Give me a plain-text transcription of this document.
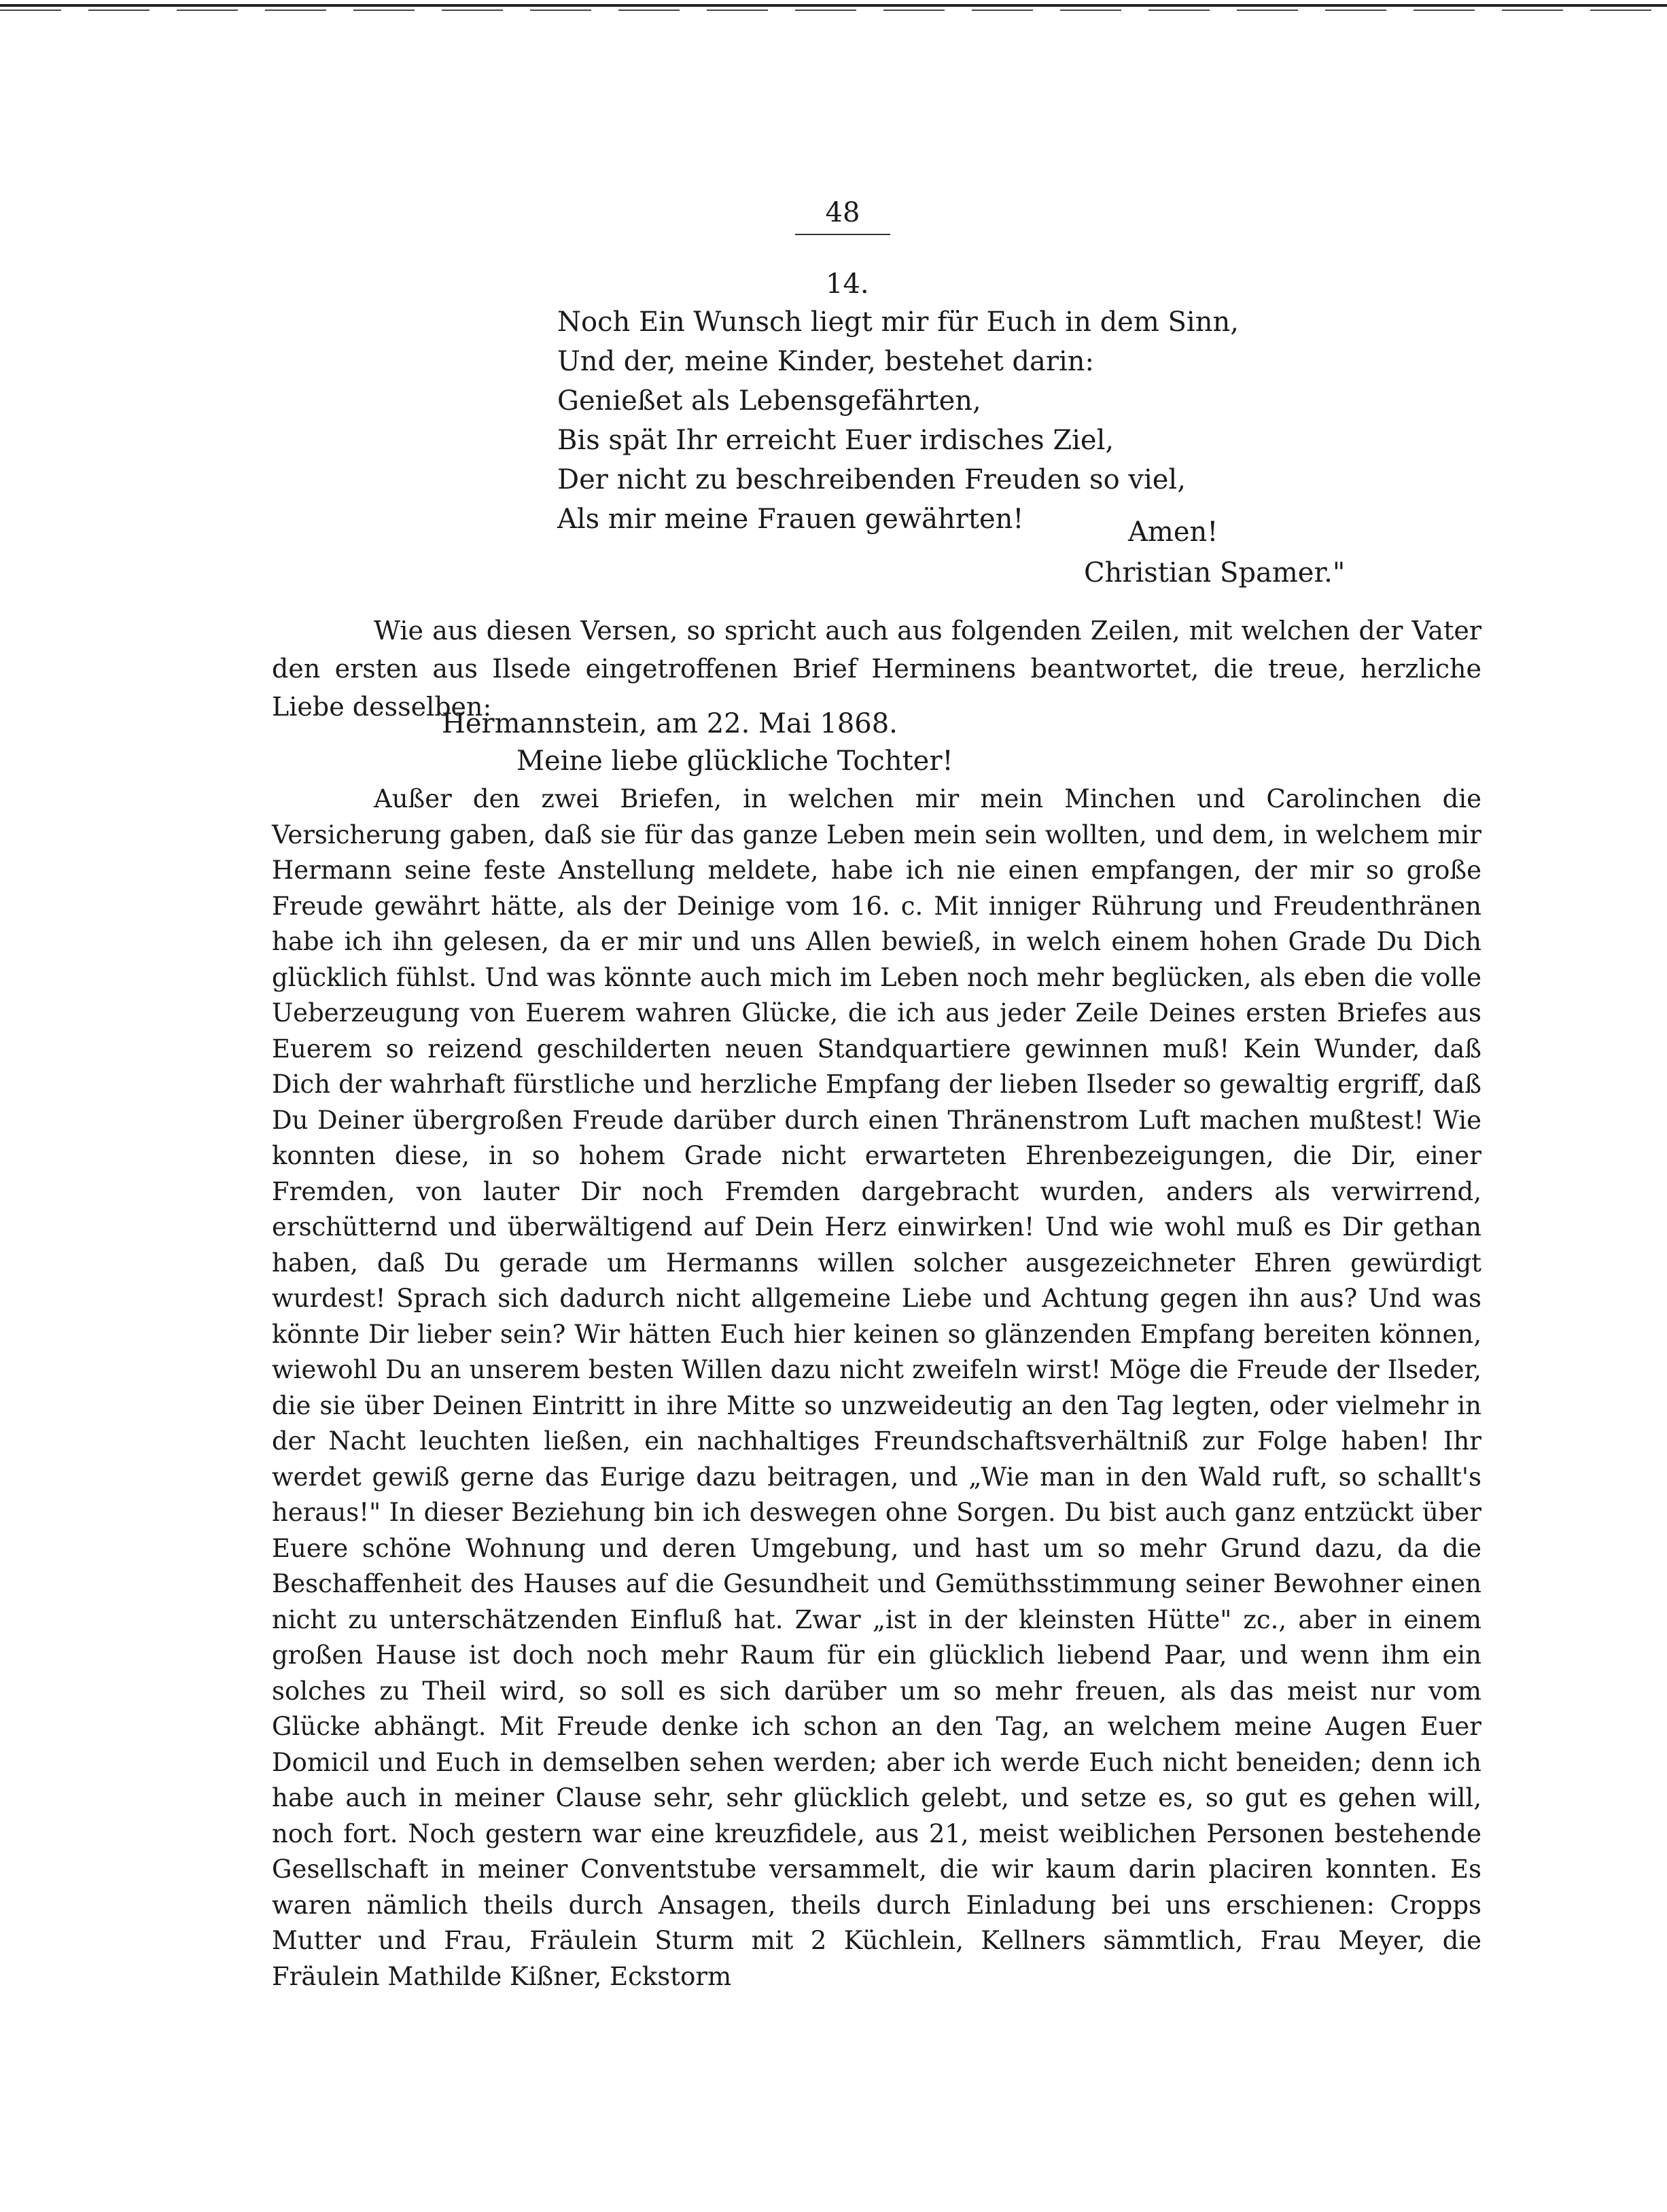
48
14.
Noch Ein Wunsch liegt mir für Euch in dem Sinn,
Und der, meine Kinder, bestehet darin:
Genießet als Lebensgefährten,
Bis spät Ihr erreicht Euer irdisches Ziel,
Der nicht zu beschreibenden Freuden so viel,
Als mir meine Frauen gewährten!	Amen!
Christian Spamer."

Wie aus diesen Versen, so spricht auch aus folgenden Zeilen, mit welchen der Vater den ersten aus Ilsede eingetroffenen Brief Herminens beantwortet, die treue, herzliche Liebe desselben:

Hermannstein, am 22. Mai 1868.
Meine liebe glückliche Tochter!

Außer den zwei Briefen, in welchen mir mein Minchen und Carolinchen die Versicherung gaben, daß sie für das ganze Leben mein sein wollten, und dem, in welchem mir Hermann seine feste Anstellung meldete, habe ich nie einen empfangen, der mir so große Freude gewährt hätte, als der Deinige vom 16. c. Mit inniger Rührung und Freudenthränen habe ich ihn gelesen, da er mir und uns Allen bewieß, in welch einem hohen Grade Du Dich glücklich fühlst. Und was könnte auch mich im Leben noch mehr beglücken, als eben die volle Ueberzeugung von Euerem wahren Glücke, die ich aus jeder Zeile Deines ersten Briefes aus Euerem so reizend geschilderten neuen Standquartiere gewinnen muß! Kein Wunder, daß Dich der wahrhaft fürstliche und herzliche Empfang der lieben Ilseder so gewaltig ergriff, daß Du Deiner übergroßen Freude darüber durch einen Thränenstrom Luft machen mußtest! Wie konnten diese, in so hohem Grade nicht erwarteten Ehrenbezeigungen, die Dir, einer Fremden, von lauter Dir noch Fremden dargebracht wurden, anders als verwirrend, erschütternd und überwältigend auf Dein Herz einwirken! Und wie wohl muß es Dir gethan haben, daß Du gerade um Hermanns willen solcher ausgezeichneter Ehren gewürdigt wurdest! Sprach sich dadurch nicht allgemeine Liebe und Achtung gegen ihn aus? Und was könnte Dir lieber sein? Wir hätten Euch hier keinen so glänzenden Empfang bereiten können, wiewohl Du an unserem besten Willen dazu nicht zweifeln wirst! Möge die Freude der Ilseder, die sie über Deinen Eintritt in ihre Mitte so unzweideutig an den Tag legten, oder vielmehr in der Nacht leuchten ließen, ein nachhaltiges Freundschaftsverhältniß zur Folge haben! Ihr werdet gewiß gerne das Eurige dazu beitragen, und „Wie man in den Wald ruft, so schallt's heraus!" In dieser Beziehung bin ich deswegen ohne Sorgen. Du bist auch ganz entzückt über Euere schöne Wohnung und deren Umgebung, und hast um so mehr Grund dazu, da die Beschaffenheit des Hauses auf die Gesundheit und Gemüthsstimmung seiner Bewohner einen nicht zu unterschätzenden Einfluß hat. Zwar „ist in der kleinsten Hütte" zc., aber in einem großen Hause ist doch noch mehr Raum für ein glücklich liebend Paar, und wenn ihm ein solches zu Theil wird, so soll es sich darüber um so mehr freuen, als das meist nur vom Glücke abhängt. Mit Freude denke ich schon an den Tag, an welchem meine Augen Euer Domicil und Euch in demselben sehen werden; aber ich werde Euch nicht beneiden; denn ich habe auch in meiner Clause sehr, sehr glücklich gelebt, und setze es, so gut es gehen will, noch fort. Noch gestern war eine kreuzfidele, aus 21, meist weiblichen Personen bestehende Gesellschaft in meiner Conventstube versammelt, die wir kaum darin placiren konnten. Es waren nämlich theils durch Ansagen, theils durch Einladung bei uns erschienen: Cropps Mutter und Frau, Fräulein Sturm mit 2 Küchlein, Kellners sämmtlich, Frau Meyer, die Fräulein Mathilde Kißner, Eckstorm
